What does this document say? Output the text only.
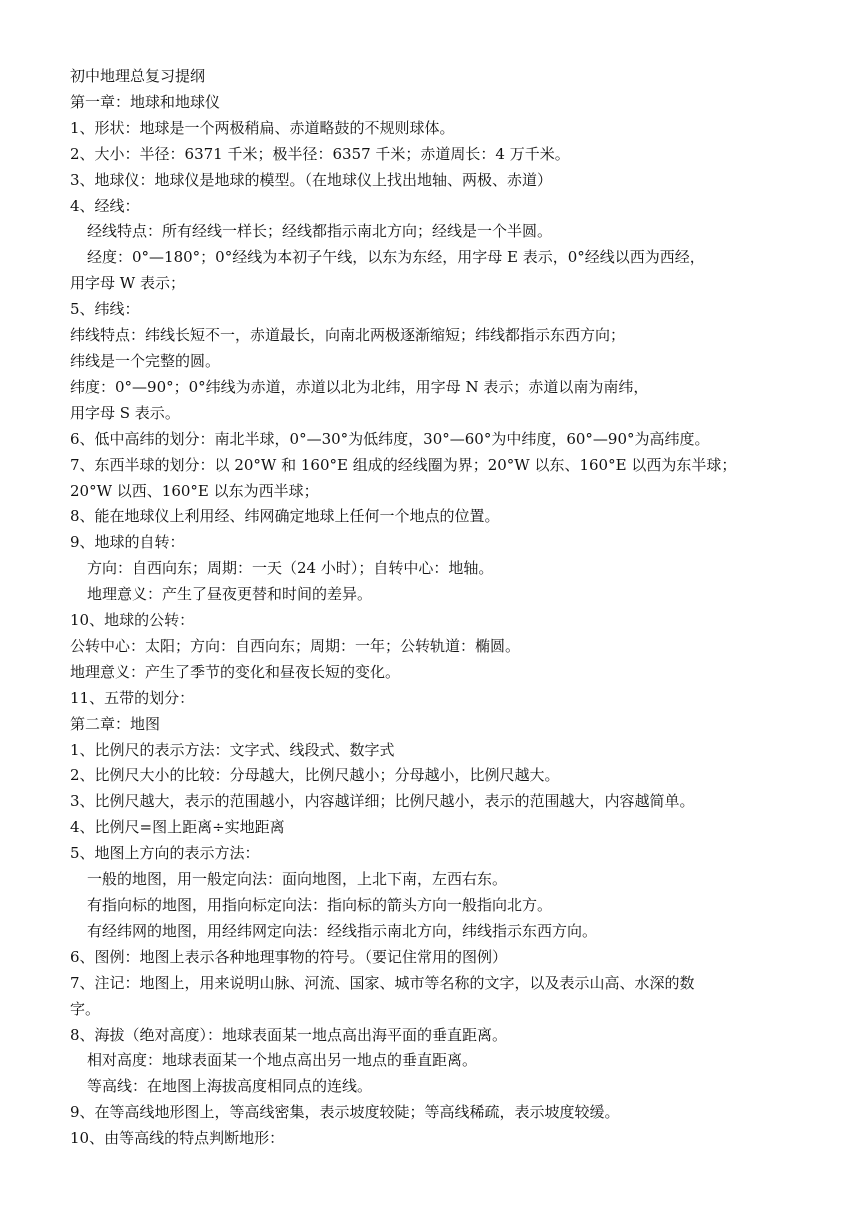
初中地理总复习提纲

第一章：地球和地球仪

1、形状：地球是一个两极稍扁、赤道略鼓的不规则球体。

2、大小：半径：6371 千米；极半径：6357 千米；赤道周长：4 万千米。

3、地球仪：地球仪是地球的模型。（在地球仪上找出地轴、两极、赤道）

4、经线：

经线特点：所有经线一样长；经线都指示南北方向；经线是一个半圆。

经度：0°—180°；0°经线为本初子午线，以东为东经，用字母 E 表示，0°经线以西为西经，

用字母 W 表示；

5、纬线：

纬线特点：纬线长短不一，赤道最长，向南北两极逐渐缩短；纬线都指示东西方向；

纬线是一个完整的圆。

纬度：0°—90°；0°纬线为赤道，赤道以北为北纬，用字母 N 表示；赤道以南为南纬，

用字母 S 表示。

6、低中高纬的划分：南北半球，0°—30°为低纬度，30°—60°为中纬度，60°—90°为高纬度。

7、东西半球的划分：以 20°W 和 160°E 组成的经线圈为界；20°W 以东、160°E 以西为东半球；

20°W 以西、160°E 以东为西半球；

8、能在地球仪上利用经、纬网确定地球上任何一个地点的位置。

9、地球的自转：

方向：自西向东；周期：一天（24 小时）；自转中心：地轴。

地理意义：产生了昼夜更替和时间的差异。

10、地球的公转：

公转中心：太阳；方向：自西向东；周期：一年；公转轨道：椭圆。

地理意义：产生了季节的变化和昼夜长短的变化。

11、五带的划分：

第二章：地图

1、比例尺的表示方法：文字式、线段式、数字式

2、比例尺大小的比较：分母越大，比例尺越小；分母越小，比例尺越大。

3、比例尺越大，表示的范围越小，内容越详细；比例尺越小，表示的范围越大，内容越简单。

4、比例尺=图上距离÷实地距离

5、地图上方向的表示方法：

一般的地图，用一般定向法：面向地图，上北下南，左西右东。

有指向标的地图，用指向标定向法：指向标的箭头方向一般指向北方。

有经纬网的地图，用经纬网定向法：经线指示南北方向，纬线指示东西方向。

6、图例：地图上表示各种地理事物的符号。（要记住常用的图例）

7、注记：地图上，用来说明山脉、河流、国家、城市等名称的文字，以及表示山高、水深的数

字。

8、海拔（绝对高度）：地球表面某一地点高出海平面的垂直距离。

相对高度：地球表面某一个地点高出另一地点的垂直距离。

等高线：在地图上海拔高度相同点的连线。

9、在等高线地形图上，等高线密集，表示坡度较陡；等高线稀疏，表示坡度较缓。

10、由等高线的特点判断地形：
